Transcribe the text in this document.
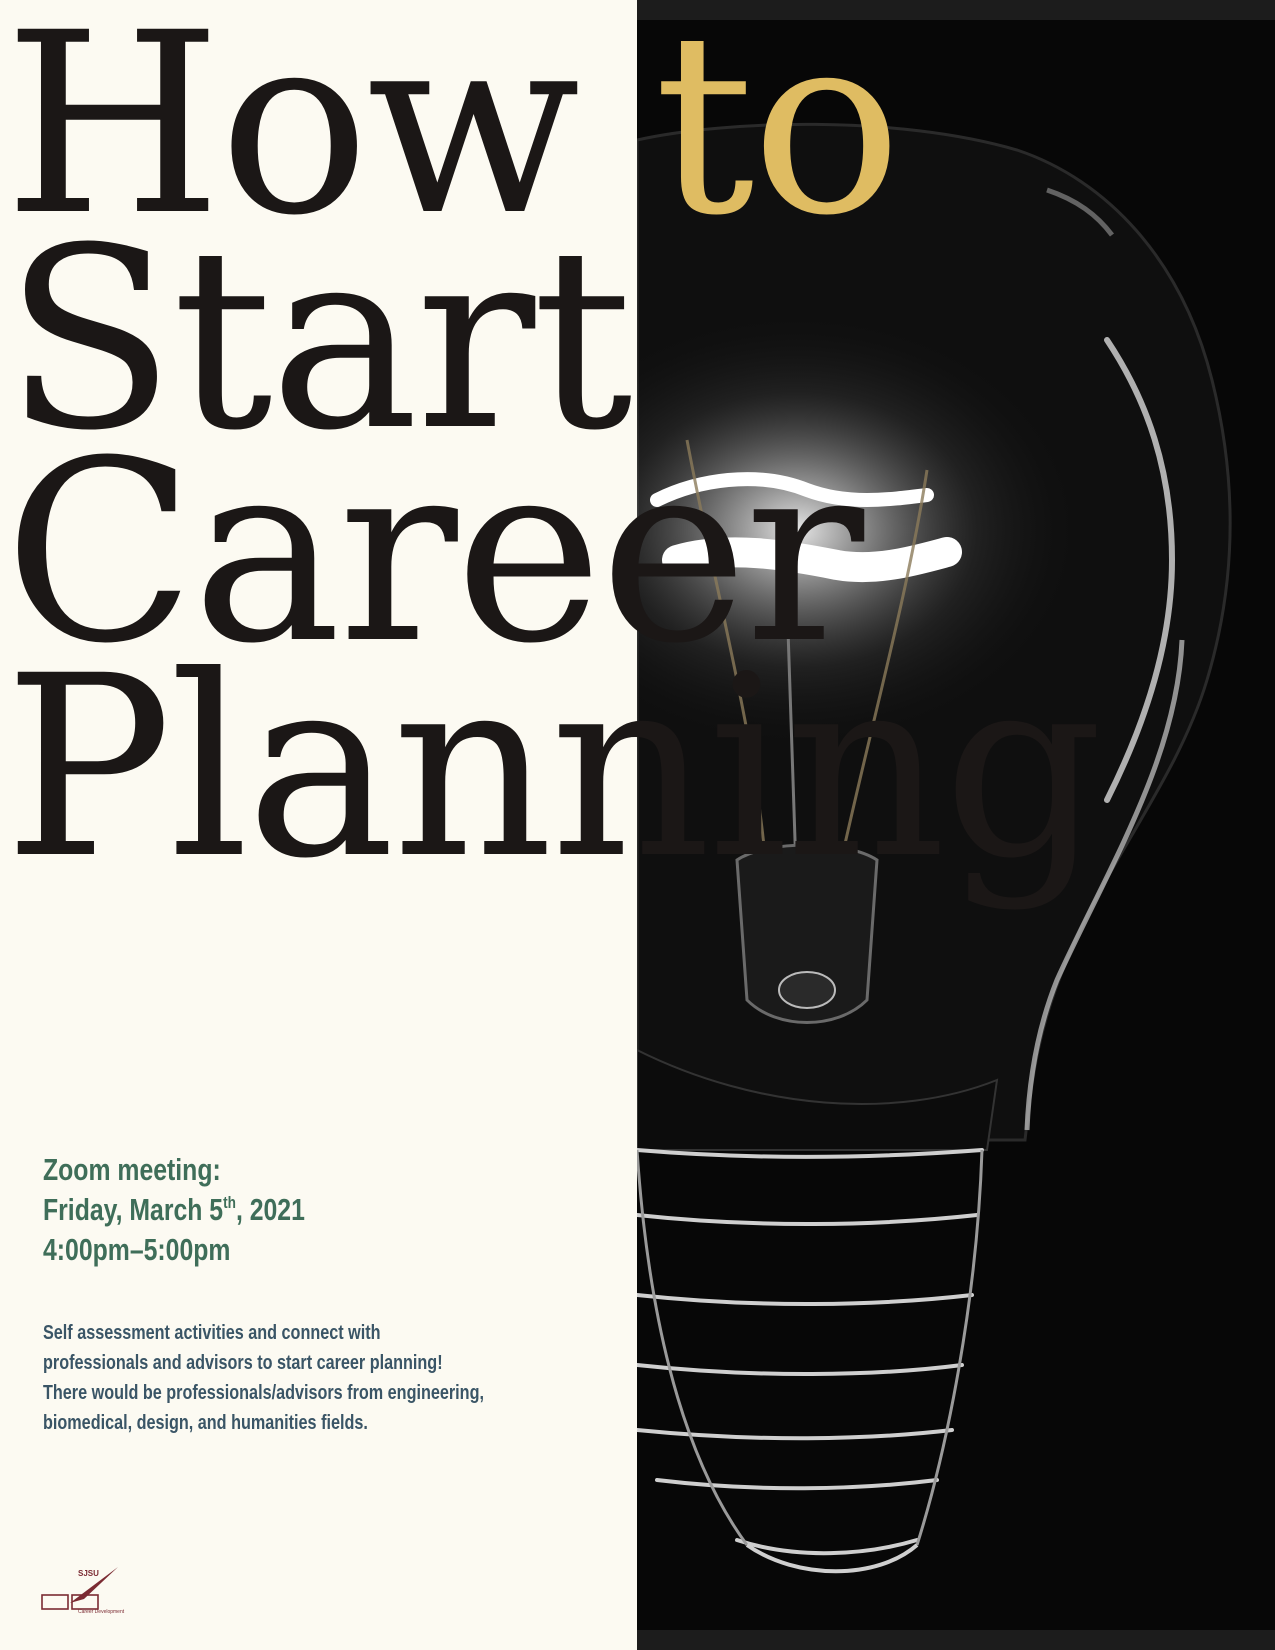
How to
Start
Career
Planning
Zoom meeting:
Friday, March 5th, 2021
4:00pm–5:00pm

Self assessment activities and connect with professionals and advisors to start career planning! There would be professionals/advisors from engineering, biomedical, design, and humanities fields.

SJSU
Career Development
